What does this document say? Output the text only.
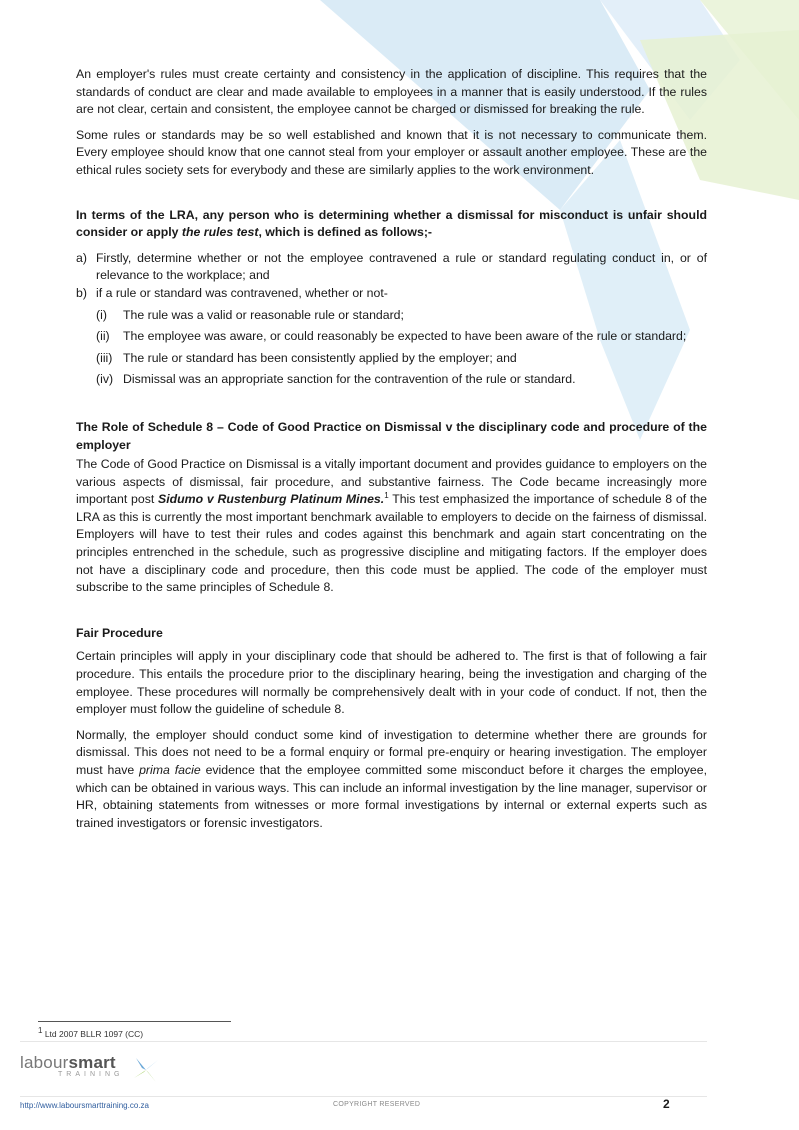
An employer's rules must create certainty and consistency in the application of discipline. This requires that the standards of conduct are clear and made available to employees in a manner that is easily understood. If the rules are not clear, certain and consistent, the employee cannot be charged or dismissed for breaking the rule.

Some rules or standards may be so well established and known that it is not necessary to communicate them. Every employee should know that one cannot steal from your employer or assault another employee. These are the ethical rules society sets for everybody and these are similarly applies to the work environment.

In terms of the LRA, any person who is determining whether a dismissal for misconduct is unfair should consider or apply the rules test, which is defined as follows;-

a) Firstly, determine whether or not the employee contravened a rule or standard regulating conduct in, or of relevance to the workplace; and
b) if a rule or standard was contravened, whether or not-
(i)	The rule was a valid or reasonable rule or standard;
(ii)	The employee was aware, or could reasonably be expected to have been aware of the rule or standard;
(iii) The rule or standard has been consistently applied by the employer; and
(iv) Dismissal was an appropriate sanction for the contravention of the rule or standard.

The Role of Schedule 8 – Code of Good Practice on Dismissal v the disciplinary code and procedure of the employer

The Code of Good Practice on Dismissal is a vitally important document and provides guidance to employers on the various aspects of dismissal, fair procedure, and substantive fairness. The Code became increasingly more important post Sidumo v Rustenburg Platinum Mines.$^1$ This test emphasized the importance of schedule 8 of the LRA as this is currently the most important benchmark available to employers to decide on the fairness of dismissal. Employers will have to test their rules and codes against this benchmark and again start concentrating on the principles entrenched in the schedule, such as progressive discipline and mitigating factors. If the employer does not have a disciplinary code and procedure, then this code must be applied. The code of the employer must subscribe to the same principles of Schedule 8.

Fair Procedure

Certain principles will apply in your disciplinary code that should be adhered to. The first is that of following a fair procedure. This entails the procedure prior to the disciplinary hearing, being the investigation and charging of the employee. These procedures will normally be comprehensively dealt with in your code of conduct. If not, then the employer must follow the guideline of schedule 8.

Normally, the employer should conduct some kind of investigation to determine whether there are grounds for dismissal. This does not need to be a formal enquiry or formal pre-enquiry or hearing investigation. The employer must have prima facie evidence that the employee committed some misconduct before it charges the employee, which can be obtained in various ways. This can include an informal investigation by the line manager, supervisor or HR, obtaining statements from witnesses or more formal investigations by internal or external experts such as trained investigators or forensic investigators.

$^1$ Ltd 2007 BLLR 1097 (CC)
laboursmart
TRAINING
http://www.laboursmarttraining.co.za	COPYRIGHT RESERVED	2
